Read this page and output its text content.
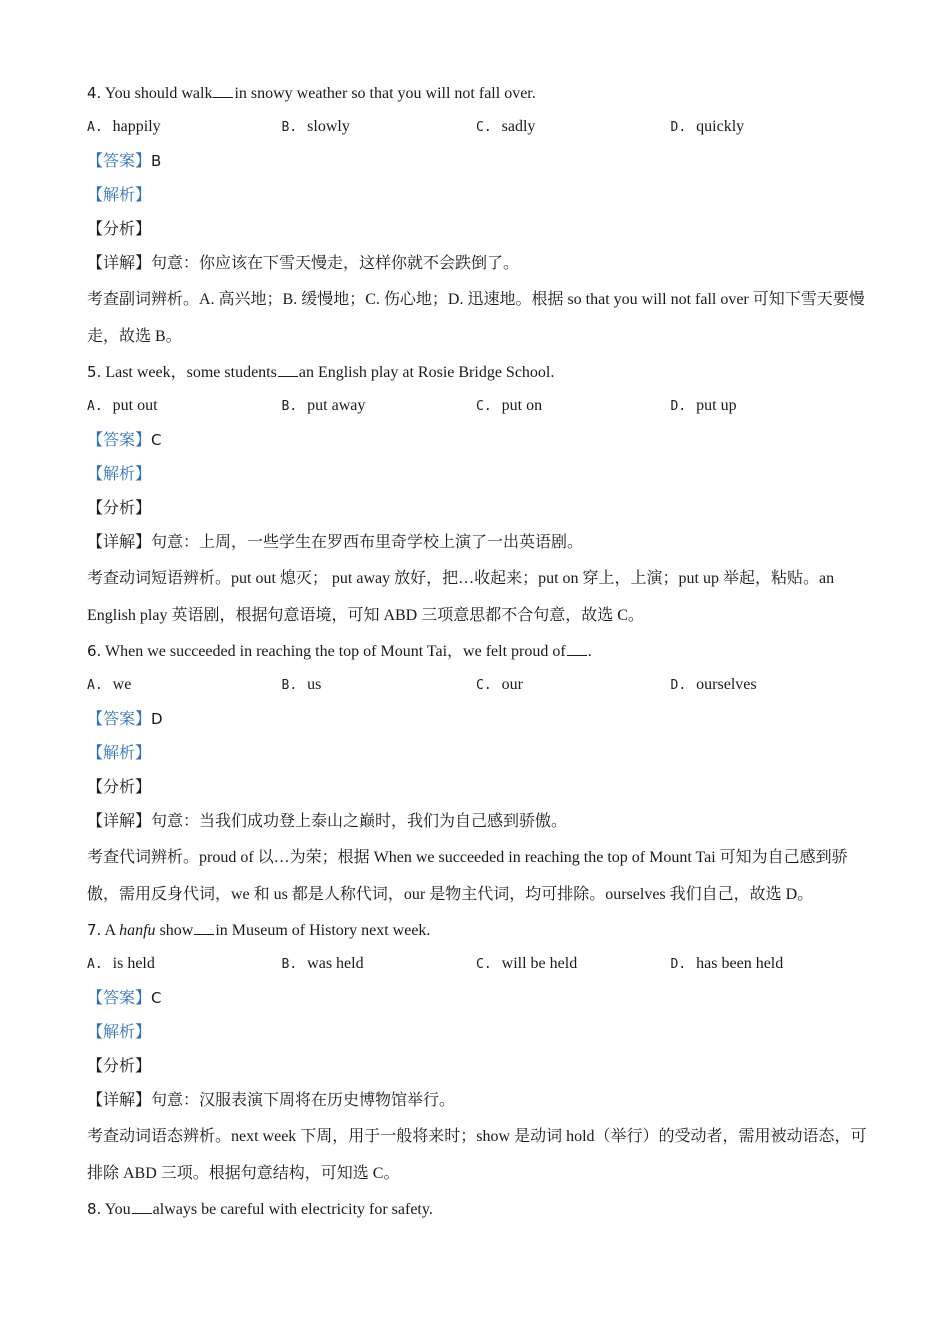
4. You should walk in snowy weather so that you will not fall over.
A. happily	B. slowly	C. sadly	D. quickly
【答案】B
【解析】
【分析】
【详解】句意：你应该在下雪天慢走，这样你就不会跌倒了。
考查副词辨析。A. 高兴地；B. 缓慢地；C. 伤心地；D. 迅速地。根据 so that you will not fall over 可知下雪天要慢走，故选 B。
5. Last week，some students an English play at Rosie Bridge School.
A. put out	B. put away	C. put on	D. put up
【答案】C
【解析】
【分析】
【详解】句意：上周，一些学生在罗西布里奇学校上演了一出英语剧。
考查动词短语辨析。put out 熄灭； put away 放好，把…收起来；put on 穿上，上演；put up 举起，粘贴。an English play 英语剧，根据句意语境，可知 ABD 三项意思都不合句意，故选 C。
6. When we succeeded in reaching the top of Mount Tai，we felt proud of .
A. we	B. us	C. our	D. ourselves
【答案】D
【解析】
【分析】
【详解】句意：当我们成功登上泰山之巅时，我们为自己感到骄傲。
考查代词辨析。proud of 以…为荣；根据 When we succeeded in reaching the top of Mount Tai 可知为自己感到骄傲，需用反身代词，we 和 us 都是人称代词，our 是物主代词，均可排除。ourselves 我们自己，故选 D。
7. A hanfu show in Museum of History next week.
A. is held	B. was held	C. will be held	D. has been held
【答案】C
【解析】
【分析】
【详解】句意：汉服表演下周将在历史博物馆举行。
考查动词语态辨析。next week 下周，用于一般将来时；show 是动词 hold（举行）的受动者，需用被动语态，可排除 ABD 三项。根据句意结构，可知选 C。
8. You always be careful with electricity for safety.
